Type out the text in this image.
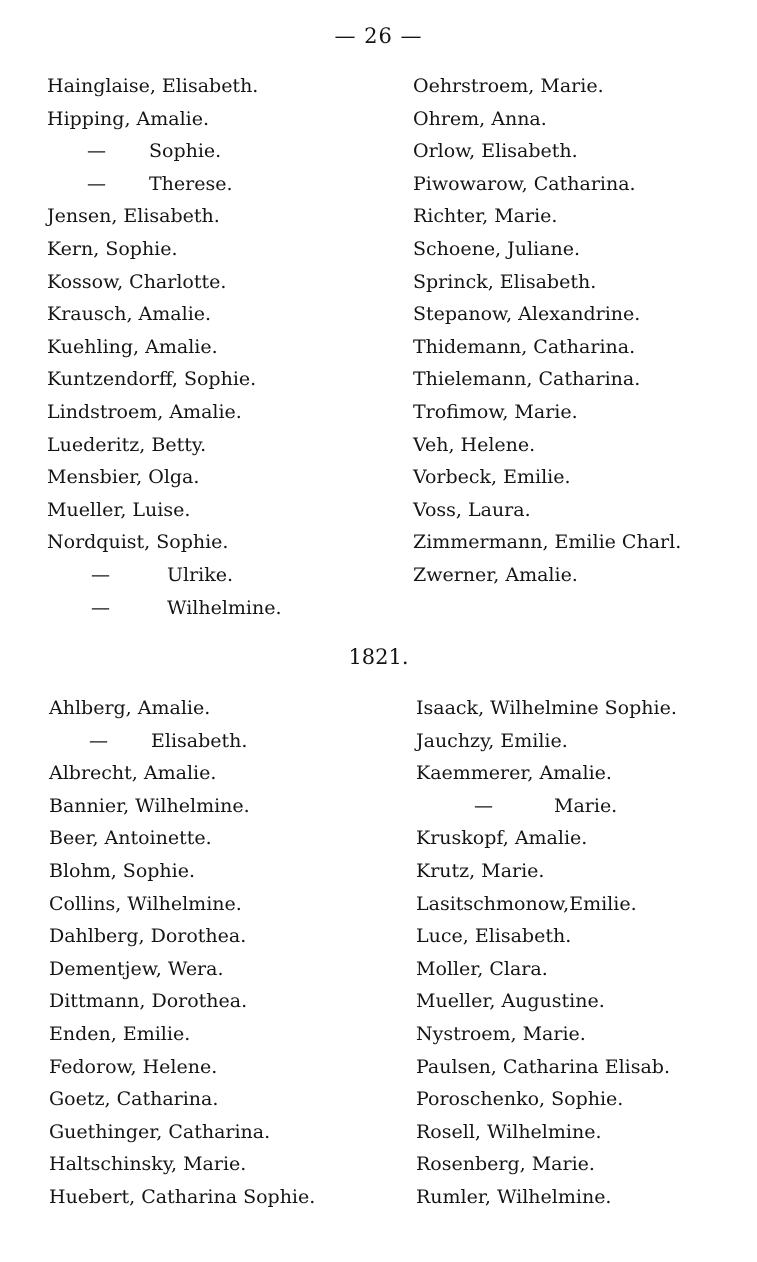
— 26 —
Hainglaise, Elisabeth.
Hipping, Amalie.
— Sophie.
— Therese.
Jensen, Elisabeth.
Kern, Sophie.
Kossow, Charlotte.
Krausch, Amalie.
Kuehling, Amalie.
Kuntzendorff, Sophie.
Lindstroem, Amalie.
Luederitz, Betty.
Mensbier, Olga.
Mueller, Luise.
Nordquist, Sophie.
—	Ulrike.
—	Wilhelmine.
Oehrstroem, Marie.
Ohrem, Anna.
Orlow, Elisabeth.
Piwowarow, Catharina.
Richter, Marie.
Schoene, Juliane.
Sprinck, Elisabeth.
Stepanow, Alexandrine.
Thidemann, Catharina.
Thielemann, Catharina.
Trofimow, Marie.
Veh, Helene.
Vorbeck, Emilie.
Voss, Laura.
Zimmermann, Emilie Charl.
Zwerner, Amalie.
1821.
Ahlberg, Amalie.
— Elisabeth.
Albrecht, Amalie.
Bannier, Wilhelmine.
Beer, Antoinette.
Blohm, Sophie.
Collins, Wilhelmine.
Dahlberg, Dorothea.
Dementjew, Wera.
Dittmann, Dorothea.
Enden, Emilie.
Fedorow, Helene.
Goetz, Catharina.
Guethinger, Catharina.
Haltschinsky, Marie.
Huebert, Catharina Sophie.
Isaack, Wilhelmine Sophie.
Jauchzy, Emilie.
Kaemmerer, Amalie.
—	Marie.
Kruskopf, Amalie.
Krutz, Marie.
Lasitschmonow,Emilie.
Luce, Elisabeth.
Moller, Clara.
Mueller, Augustine.
Nystroem, Marie.
Paulsen, Catharina Elisab.
Poroschenko, Sophie.
Rosell, Wilhelmine.
Rosenberg, Marie.
Rumler, Wilhelmine.
